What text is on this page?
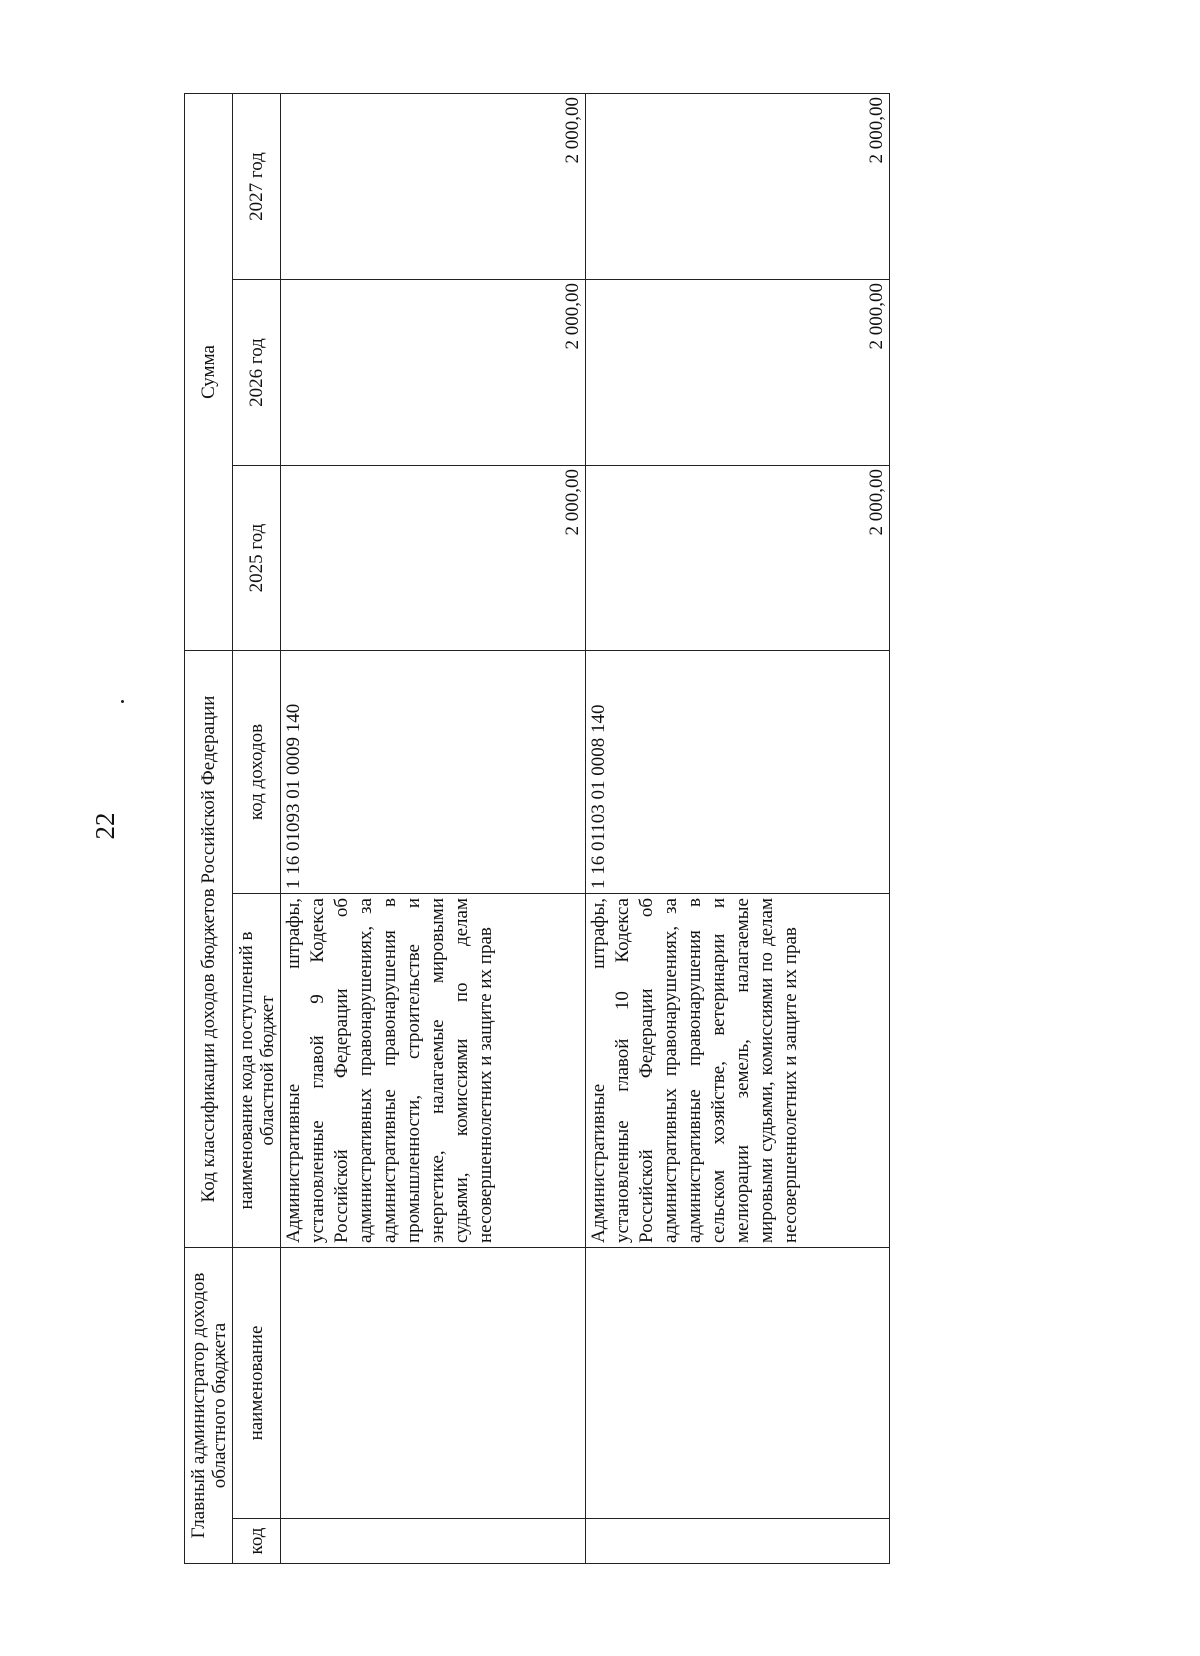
22
Главный администратор доходов областного бюджета		Код классификации доходов бюджетов Российской Федерации		Сумма		
код	наименование	наименование кода поступлений в областной бюджет	код доходов	2025 год	2026 год	2027 год
		Административные штрафы, установленные главой 9 Кодекса Российской Федерации об административных правонарушениях, за административные правонарушения в промышленности, строительстве и энергетике, налагаемые мировыми судьями, комиссиями по делам несовершеннолетних и защите их прав	1 16 01093 01 0009 140	2 000,00	2 000,00	2 000,00
		Административные штрафы, установленные главой 10 Кодекса Российской Федерации об административных правонарушениях, за административные правонарушения в сельском хозяйстве, ветеринарии и мелиорации земель, налагаемые мировыми судьями, комиссиями по делам несовершеннолетних и защите их прав	1 16 01103 01 0008 140	2 000,00	2 000,00	2 000,00
